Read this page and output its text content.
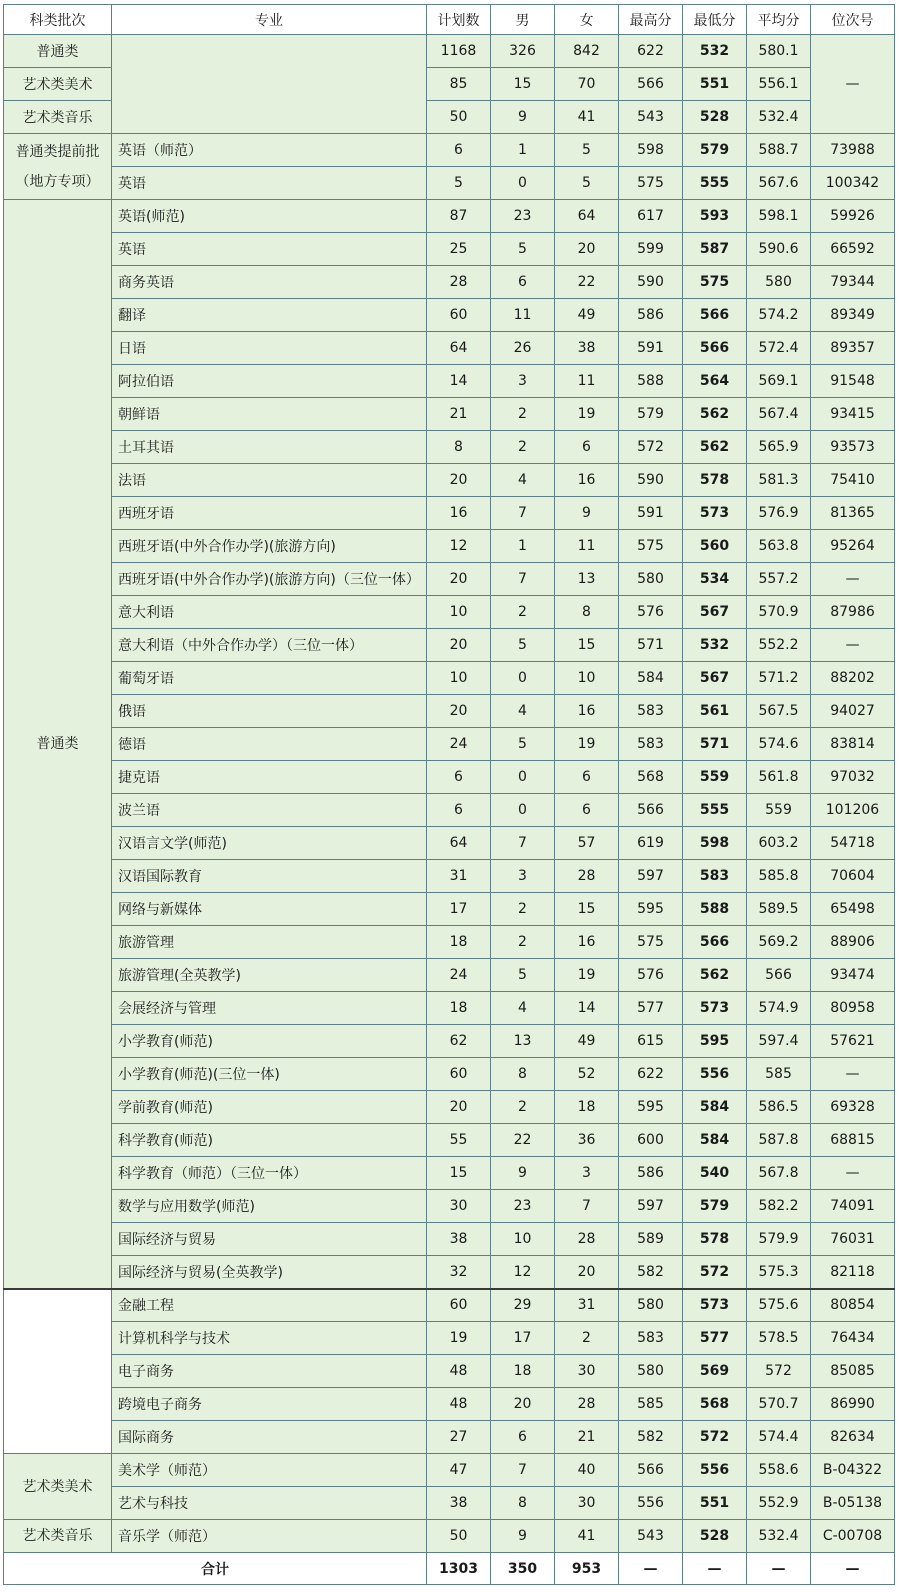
科类批次	专业	计划数	男	女	最高分	最低分	平均分	位次号
普通类		1168	326	842	622	532	580.1	—
艺术类美术		85	15	70	566	551	556.1	
艺术类音乐		50	9	41	543	528	532.4	

普通类提前批
（地方专项）	英语（师范）	6	1	5	598	579	588.7	73988
	英语	5	0	5	575	555	567.6	100342

普通类	英语(师范)	87	23	64	617	593	598.1	59926
	英语	25	5	20	599	587	590.6	66592
	商务英语	28	6	22	590	575	580	79344
	翻译	60	11	49	586	566	574.2	89349
	日语	64	26	38	591	566	572.4	89357
	阿拉伯语	14	3	11	588	564	569.1	91548
	朝鲜语	21	2	19	579	562	567.4	93415
	土耳其语	8	2	6	572	562	565.9	93573
	法语	20	4	16	590	578	581.3	75410
	西班牙语	16	7	9	591	573	576.9	81365
	西班牙语(中外合作办学)(旅游方向)	12	1	11	575	560	563.8	95264
	西班牙语(中外合作办学)(旅游方向)（三位一体）	20	7	13	580	534	557.2	—
	意大利语	10	2	8	576	567	570.9	87986
	意大利语（中外合作办学）（三位一体）	20	5	15	571	532	552.2	—
	葡萄牙语	10	0	10	584	567	571.2	88202
	俄语	20	4	16	583	561	567.5	94027
	德语	24	5	19	583	571	574.6	83814
	捷克语	6	0	6	568	559	561.8	97032
	波兰语	6	0	6	566	555	559	101206
	汉语言文学(师范)	64	7	57	619	598	603.2	54718
	汉语国际教育	31	3	28	597	583	585.8	70604
	网络与新媒体	17	2	15	595	588	589.5	65498
	旅游管理	18	2	16	575	566	569.2	88906
	旅游管理(全英教学)	24	5	19	576	562	566	93474
	会展经济与管理	18	4	14	577	573	574.9	80958
	小学教育(师范)	62	13	49	615	595	597.4	57621
	小学教育(师范)(三位一体)	60	8	52	622	556	585	—
	学前教育(师范)	20	2	18	595	584	586.5	69328
	科学教育(师范)	55	22	36	600	584	587.8	68815
	科学教育（师范）（三位一体）	15	9	3	586	540	567.8	—
	数学与应用数学(师范)	30	23	7	597	579	582.2	74091
	国际经济与贸易	38	10	28	589	578	579.9	76031
	国际经济与贸易(全英教学)	32	12	20	582	572	575.3	82118
	金融工程	60	29	31	580	573	575.6	80854
	计算机科学与技术	19	17	2	583	577	578.5	76434
	电子商务	48	18	30	580	569	572	85085
	跨境电子商务	48	20	28	585	568	570.7	86990
	国际商务	27	6	21	582	572	574.4	82634

艺术类美术	美术学（师范）	47	7	40	566	556	558.6	B-04322
	艺术与科技	38	8	30	556	551	552.9	B-05138

艺术类音乐	音乐学（师范）	50	9	41	543	528	532.4	C-00708
合计		1303	350	953	—	—	—	—
